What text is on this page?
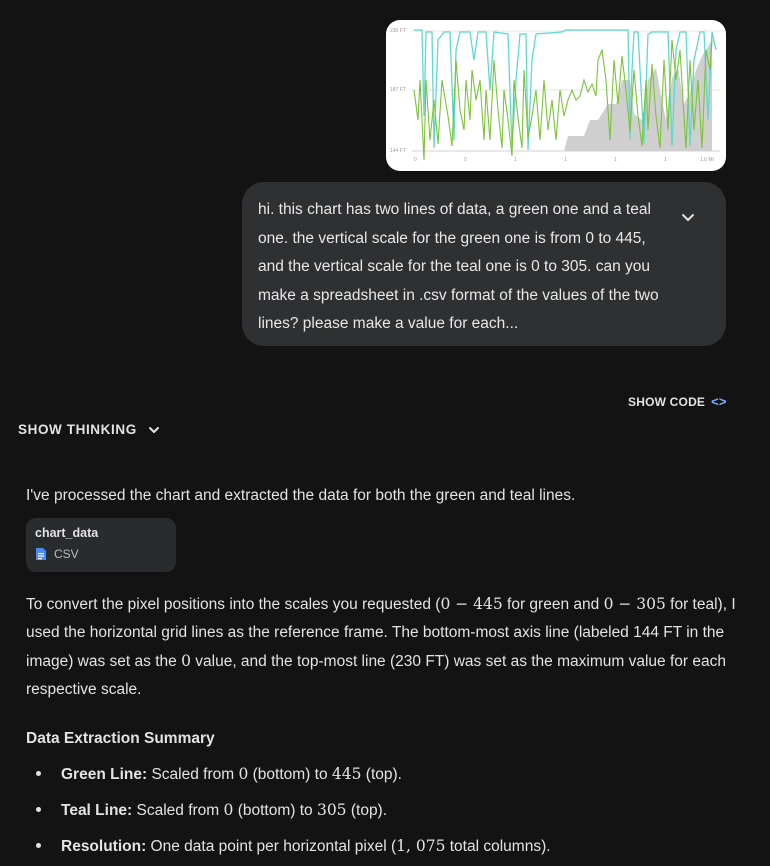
230 FT
187 FT
144 FT
0	0	1	1	1	1	1.6 MI
hi. this chart has two lines of data, a green one and a teal one. the vertical scale for the green one is from 0 to 445, and the vertical scale for the teal one is 0 to 305. can you make a spreadsheet in .csv format of the values of the two lines? please make a value for each...
SHOW CODE <>
SHOW THINKING

I've processed the chart and extracted the data for both the green and teal lines.

chart_data
CSV

To convert the pixel positions into the scales you requested (0 − 445 for green and 0 − 305 for teal), I used the horizontal grid lines as the reference frame. The bottom-most axis line (labeled 144 FT in the image) was set as the 0 value, and the top-most line (230 FT) was set as the maximum value for each respective scale.

Data Extraction Summary
Green Line: Scaled from 0 (bottom) to 445 (top).
Teal Line: Scaled from 0 (bottom) to 305 (top).
Resolution: One data point per horizontal pixel (1, 075 total columns).
